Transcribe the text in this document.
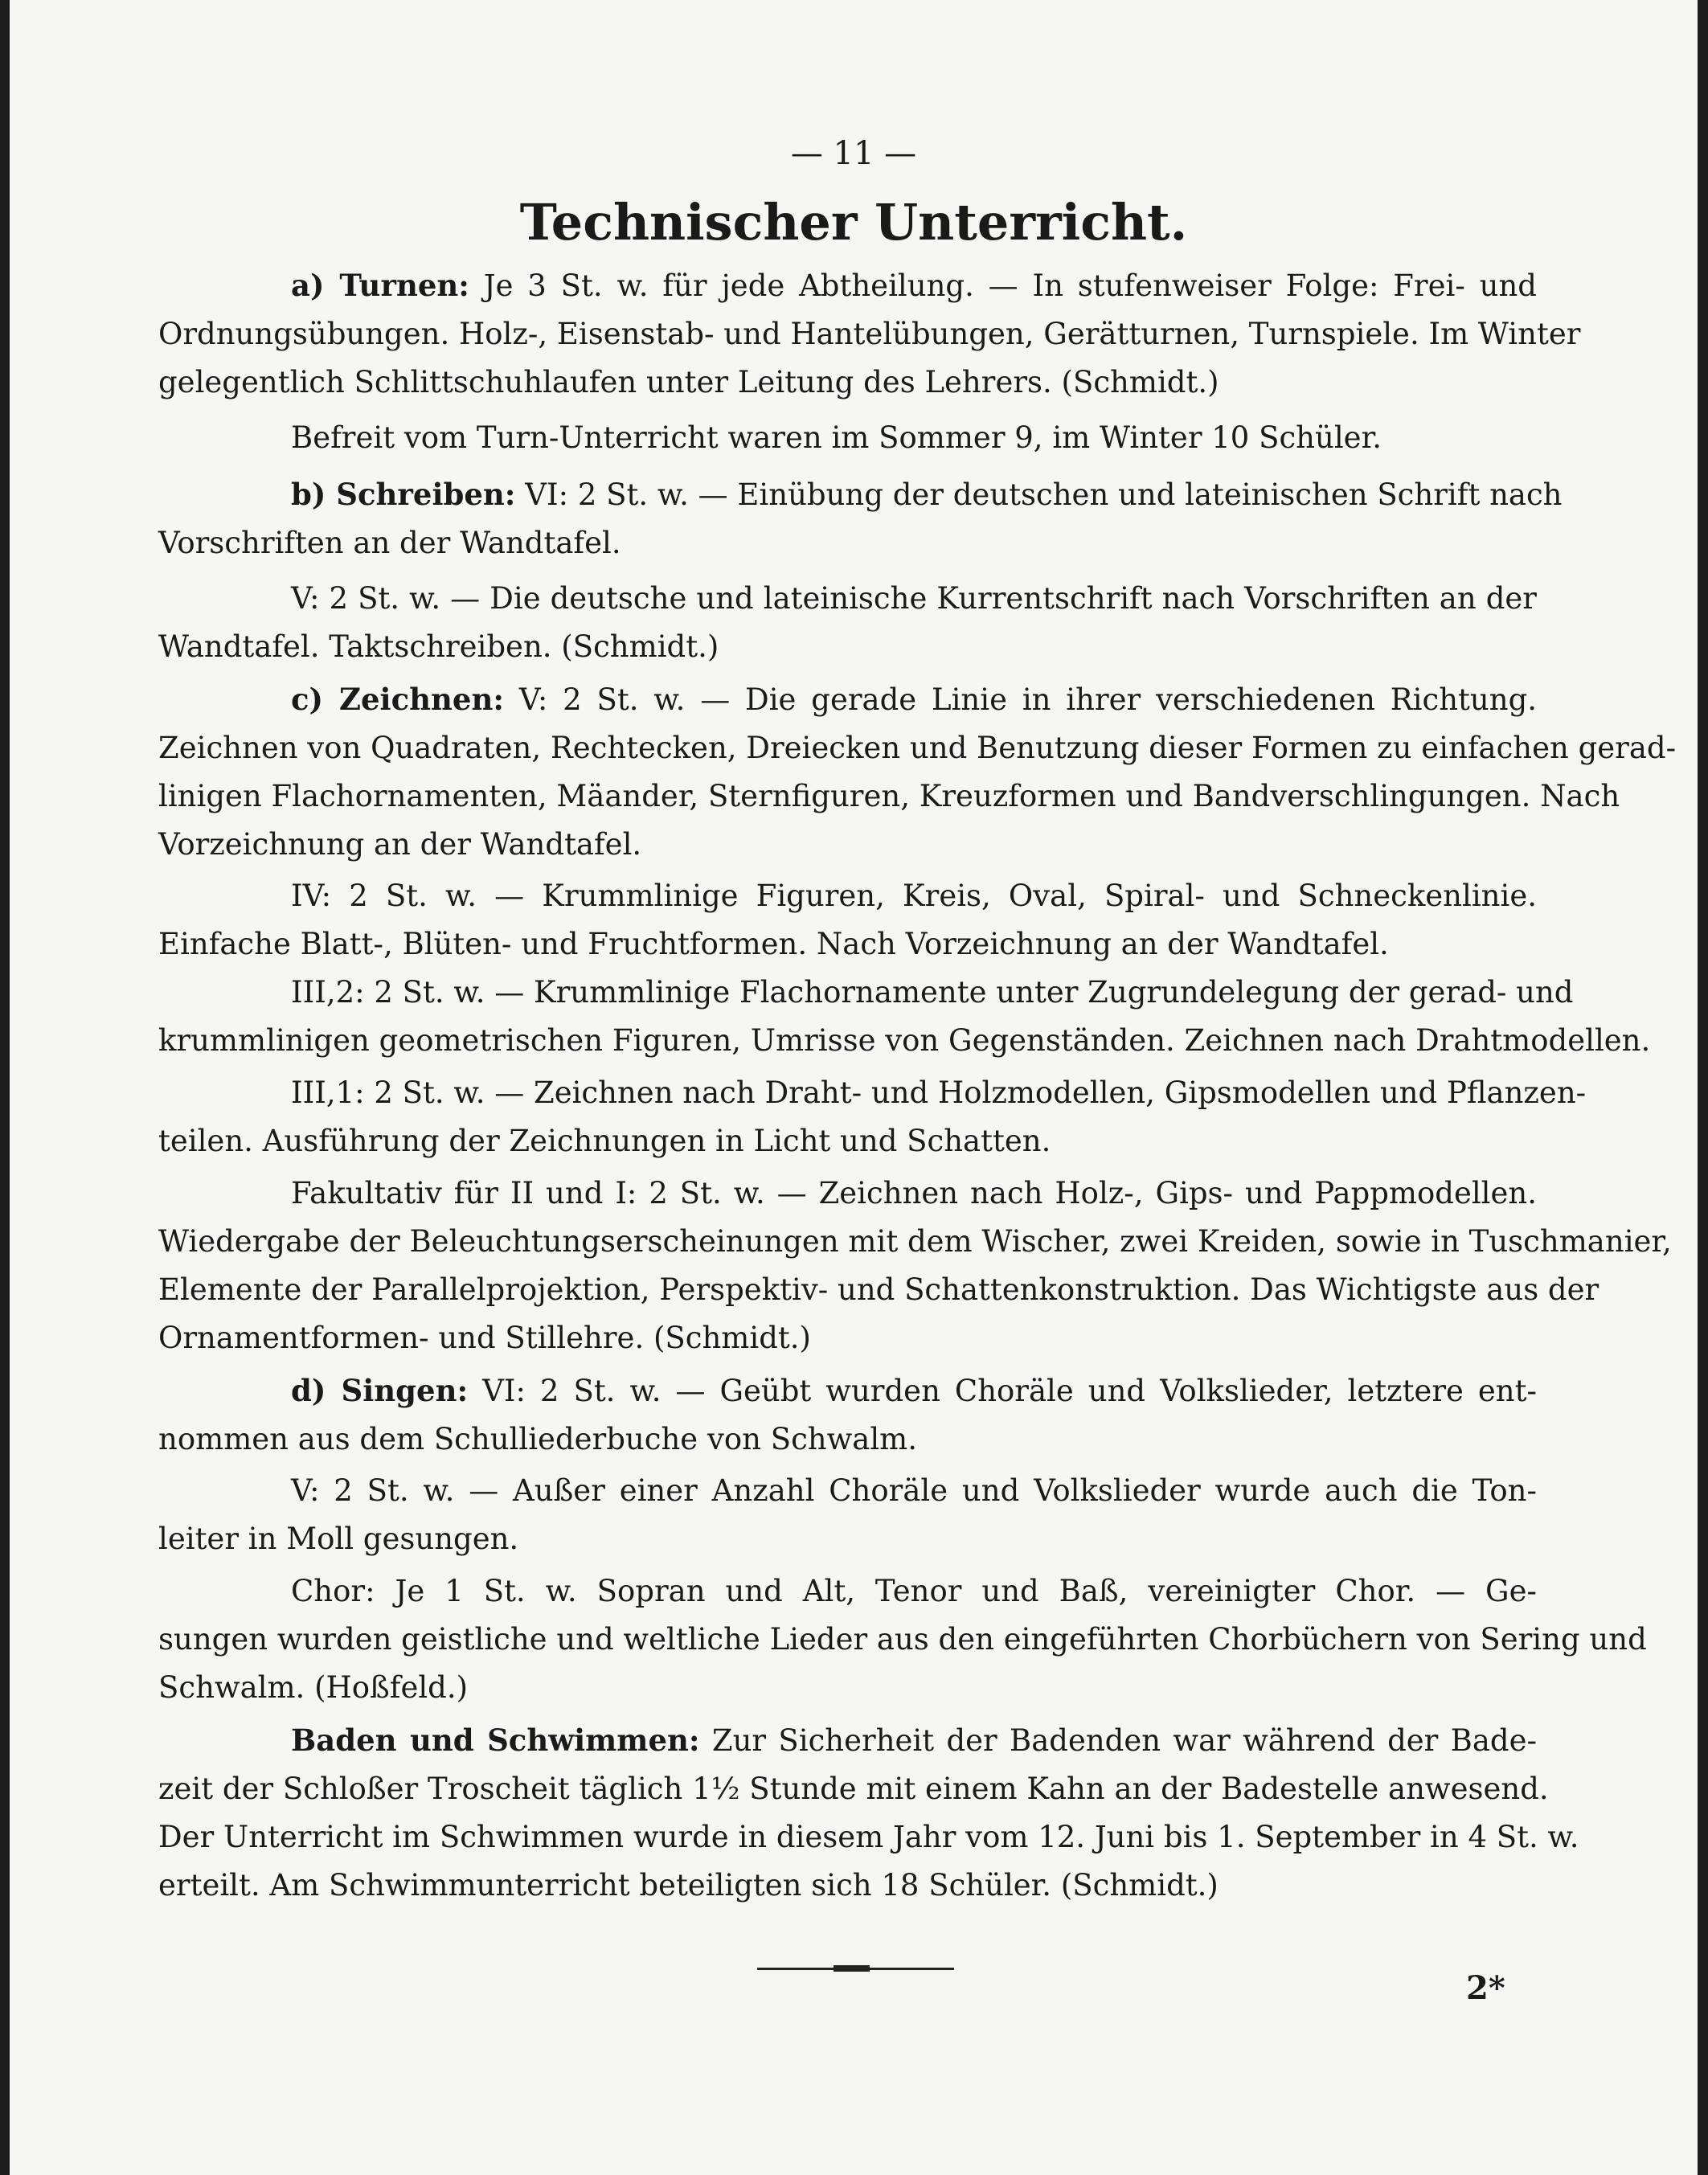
— 11 —
Technischer Unterricht.
a) Turnen: Je 3 St. w. für jede Abtheilung. — In stufenweiser Folge: Frei- und
Ordnungsübungen. Holz-, Eisenstab- und Hantelübungen, Gerätturnen, Turnspiele. Im Winter
gelegentlich Schlittschuhlaufen unter Leitung des Lehrers. (Schmidt.)
Befreit vom Turn-Unterricht waren im Sommer 9, im Winter 10 Schüler.
b) Schreiben: VI: 2 St. w. — Einübung der deutschen und lateinischen Schrift nach
Vorschriften an der Wandtafel.
V: 2 St. w. — Die deutsche und lateinische Kurrentschrift nach Vorschriften an der
Wandtafel. Taktschreiben. (Schmidt.)
c) Zeichnen: V: 2 St. w. — Die gerade Linie in ihrer verschiedenen Richtung.
Zeichnen von Quadraten, Rechtecken, Dreiecken und Benutzung dieser Formen zu einfachen gerad-
linigen Flachornamenten, Mäander, Sternfiguren, Kreuzformen und Bandverschlingungen. Nach
Vorzeichnung an der Wandtafel.
IV: 2 St. w. — Krummlinige Figuren, Kreis, Oval, Spiral- und Schneckenlinie.
Einfache Blatt-, Blüten- und Fruchtformen. Nach Vorzeichnung an der Wandtafel.
III,2: 2 St. w. — Krummlinige Flachornamente unter Zugrundelegung der gerad- und
krummlinigen geometrischen Figuren, Umrisse von Gegenständen. Zeichnen nach Drahtmodellen.
III,1: 2 St. w. — Zeichnen nach Draht- und Holzmodellen, Gipsmodellen und Pflanzen-
teilen. Ausführung der Zeichnungen in Licht und Schatten.
Fakultativ für II und I: 2 St. w. — Zeichnen nach Holz-, Gips- und Pappmodellen.
Wiedergabe der Beleuchtungserscheinungen mit dem Wischer, zwei Kreiden, sowie in Tuschmanier,
Elemente der Parallelprojektion, Perspektiv- und Schattenkonstruktion. Das Wichtigste aus der
Ornamentformen- und Stillehre. (Schmidt.)
d) Singen: VI: 2 St. w. — Geübt wurden Choräle und Volkslieder, letztere ent-
nommen aus dem Schulliederbuche von Schwalm.
V: 2 St. w. — Außer einer Anzahl Choräle und Volkslieder wurde auch die Ton-
leiter in Moll gesungen.
Chor: Je 1 St. w. Sopran und Alt, Tenor und Baß, vereinigter Chor. — Ge-
sungen wurden geistliche und weltliche Lieder aus den eingeführten Chorbüchern von Sering und
Schwalm. (Hoßfeld.)
Baden und Schwimmen: Zur Sicherheit der Badenden war während der Bade-
zeit der Schloßer Troscheit täglich 1½ Stunde mit einem Kahn an der Badestelle anwesend.
Der Unterricht im Schwimmen wurde in diesem Jahr vom 12. Juni bis 1. September in 4 St. w.
erteilt. Am Schwimmunterricht beteiligten sich 18 Schüler. (Schmidt.)
2*
